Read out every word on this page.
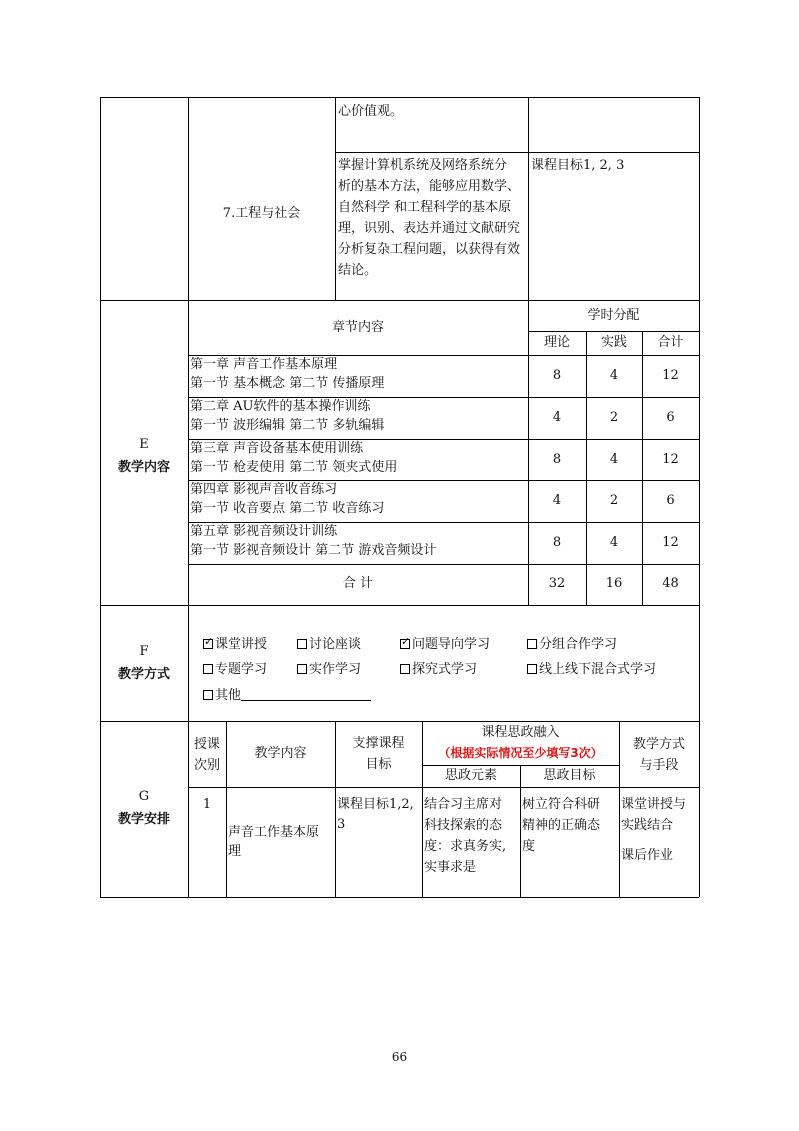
心价值观。
7.工程与社会
掌握计算机系统及网络系统分
析的基本方法，能够应用数学、
自然科学 和工程科学的基本原
理，识别、表达并通过文献研究
分析复杂工程问题，以获得有效
结论。
课程目标1, 2, 3
E
教学内容
章节内容
学时分配
理论	实践	合计
第一章 声音工作基本原理
第一节 基本概念 第二节 传播原理
8	4	12
第二章 AU软件的基本操作训练
第一节 波形编辑 第二节 多轨编辑
4	2	6
第三章 声音设备基本使用训练
第一节 枪麦使用 第二节 领夹式使用
8	4	12
第四章 影视声音收音练习
第一节 收音要点 第二节 收音练习
4	2	6
第五章 影视音频设计训练
第一节 影视音频设计 第二节 游戏音频设计
8	4	12
合 计	32	16	48
F
教学方式
✓课堂讲授	讨论座谈
✓	问题导向学习	分组合作学习
专题学习	实作学习	探究式学习	线上线下混合式学习
其他
G
教学安排
授课
次别
教学内容
支撑课程
目标
课程思政融入
（根据实际情况至少填写3次）
思政元素	思政目标
教学方式
与手段
1
声音工作基本原
理
课程目标1,2,
3
结合习主席对
科技探索的态
度：求真务实,
实事求是
树立符合科研
精神的正确态
度
课堂讲授与
实践结合
课后作业
66
